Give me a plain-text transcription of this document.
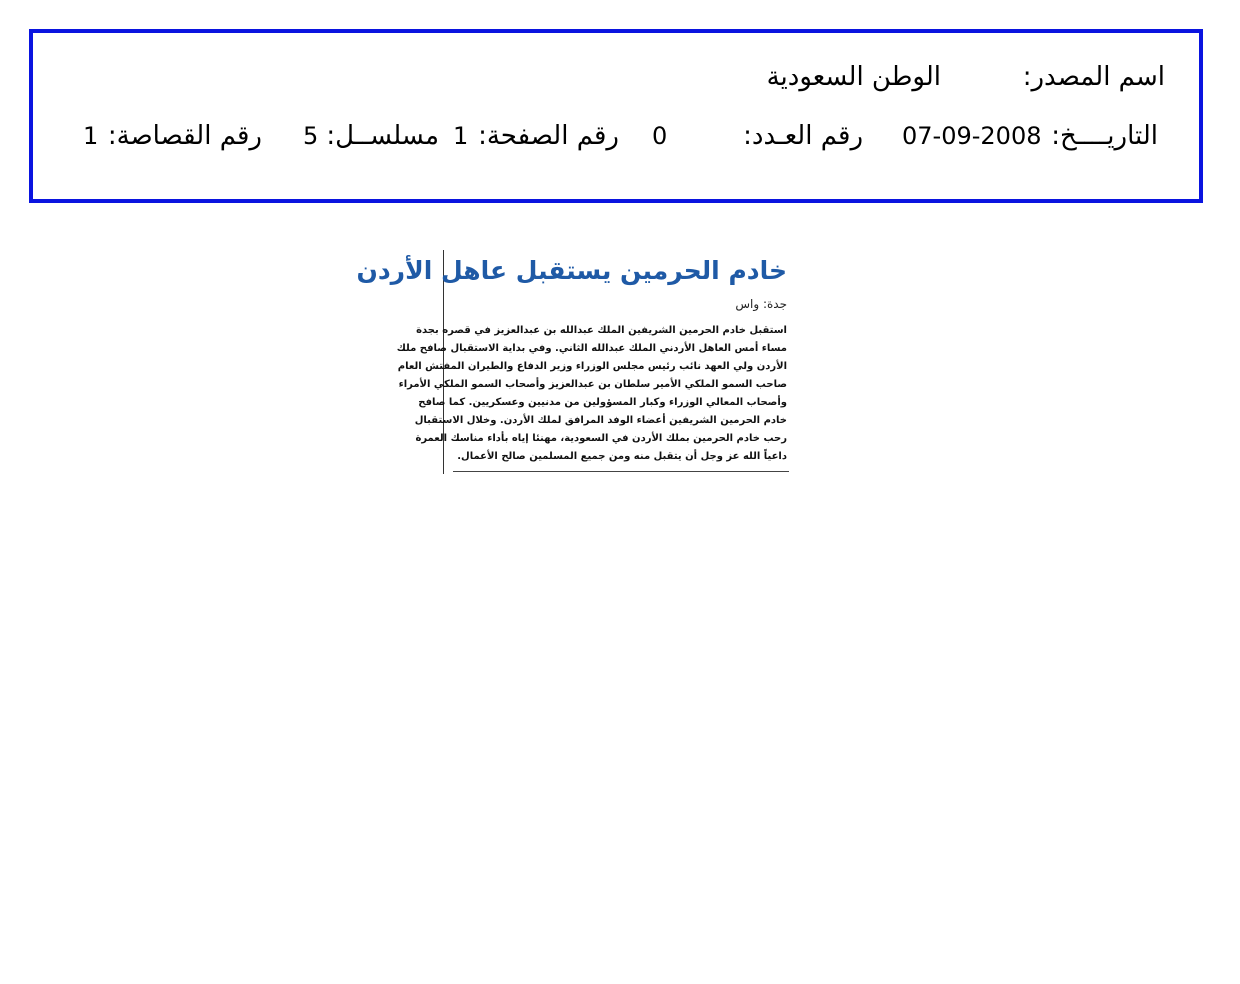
اسم المصدر:
الوطن السعودية
التاريــــخ:
07-09-2008
رقم العـدد:
0
رقم الصفحة:
1
مسلســل:
5
رقم القصاصة:
1
خادم الحرمين يستقبل عاهل الأردن
جدة: واس
استقبل خادم الحرمين الشريفين الملك عبدالله بن عبدالعزيز في قصره بجدة
مساء أمس العاهل الأردني الملك عبدالله الثاني. وفي بداية الاستقبال صافح ملك
الأردن ولي العهد نائب رئيس مجلس الوزراء وزير الدفاع والطيران المفتش العام
صاحب السمو الملكي الأمير سلطان بن عبدالعزيز وأصحاب السمو الملكي الأمراء
وأصحاب المعالي الوزراء وكبار المسؤولين من مدنيين وعسكريين. كما صافح
خادم الحرمين الشريفين أعضاء الوفد المرافق لملك الأردن. وخلال الاستقبال
رحب خادم الحرمين بملك الأردن في السعودية، مهنئا إياه بأداء مناسك العمرة
داعياً الله عز وجل أن يتقبل منه ومن جميع المسلمين صالح الأعمال.
